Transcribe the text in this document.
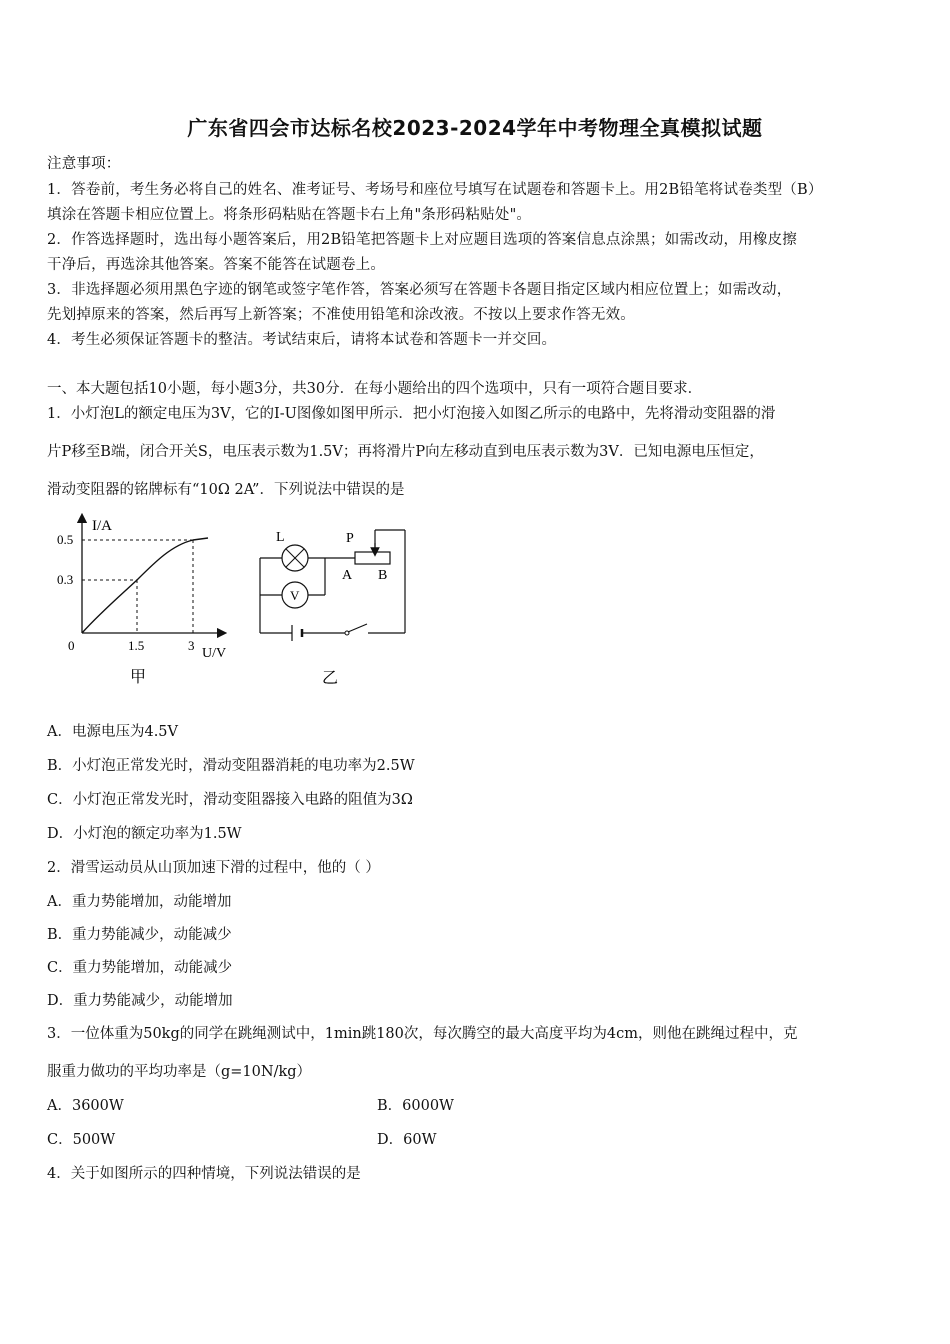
广东省四会市达标名校2023-2024学年中考物理全真模拟试题
注意事项：
1．答卷前，考生务必将自己的姓名、准考证号、考场号和座位号填写在试题卷和答题卡上。用2B铅笔将试卷类型（B）
填涂在答题卡相应位置上。将条形码粘贴在答题卡右上角"条形码粘贴处"。
2．作答选择题时，选出每小题答案后，用2B铅笔把答题卡上对应题目选项的答案信息点涂黑；如需改动，用橡皮擦
干净后，再选涂其他答案。答案不能答在试题卷上。
3．非选择题必须用黑色字迹的钢笔或签字笔作答，答案必须写在答题卡各题目指定区域内相应位置上；如需改动，
先划掉原来的答案，然后再写上新答案；不准使用铅笔和涂改液。不按以上要求作答无效。
4．考生必须保证答题卡的整洁。考试结束后，请将本试卷和答题卡一并交回。
一、本大题包括10小题，每小题3分，共30分．在每小题给出的四个选项中，只有一项符合题目要求．
1．小灯泡L的额定电压为3V，它的I-U图像如图甲所示．把小灯泡接入如图乙所示的电路中，先将滑动变阻器的滑
片P移至B端，闭合开关S，电压表示数为1.5V；再将滑片P向左移动直到电压表示数为3V．已知电源电压恒定，
滑动变阻器的铭牌标有“10Ω 2A”．下列说法中错误的是
I/A
U/V
0.5
0.3
0	1.5	3
甲
P
A B
L
V
乙
A．电源电压为4.5V
B．小灯泡正常发光时，滑动变阻器消耗的电功率为2.5W
C．小灯泡正常发光时，滑动变阻器接入电路的阻值为3Ω
D．小灯泡的额定功率为1.5W
2．滑雪运动员从山顶加速下滑的过程中，他的（ ）
A．重力势能增加，动能增加
B．重力势能减少，动能减少
C．重力势能增加，动能减少
D．重力势能减少，动能增加
3．一位体重为50kg的同学在跳绳测试中，1min跳180次，每次腾空的最大高度平均为4cm，则他在跳绳过程中，克
服重力做功的平均功率是（g=10N/kg）
A．3600W	B．6000W
C．500W	D．60W
4．关于如图所示的四种情境，下列说法错误的是
